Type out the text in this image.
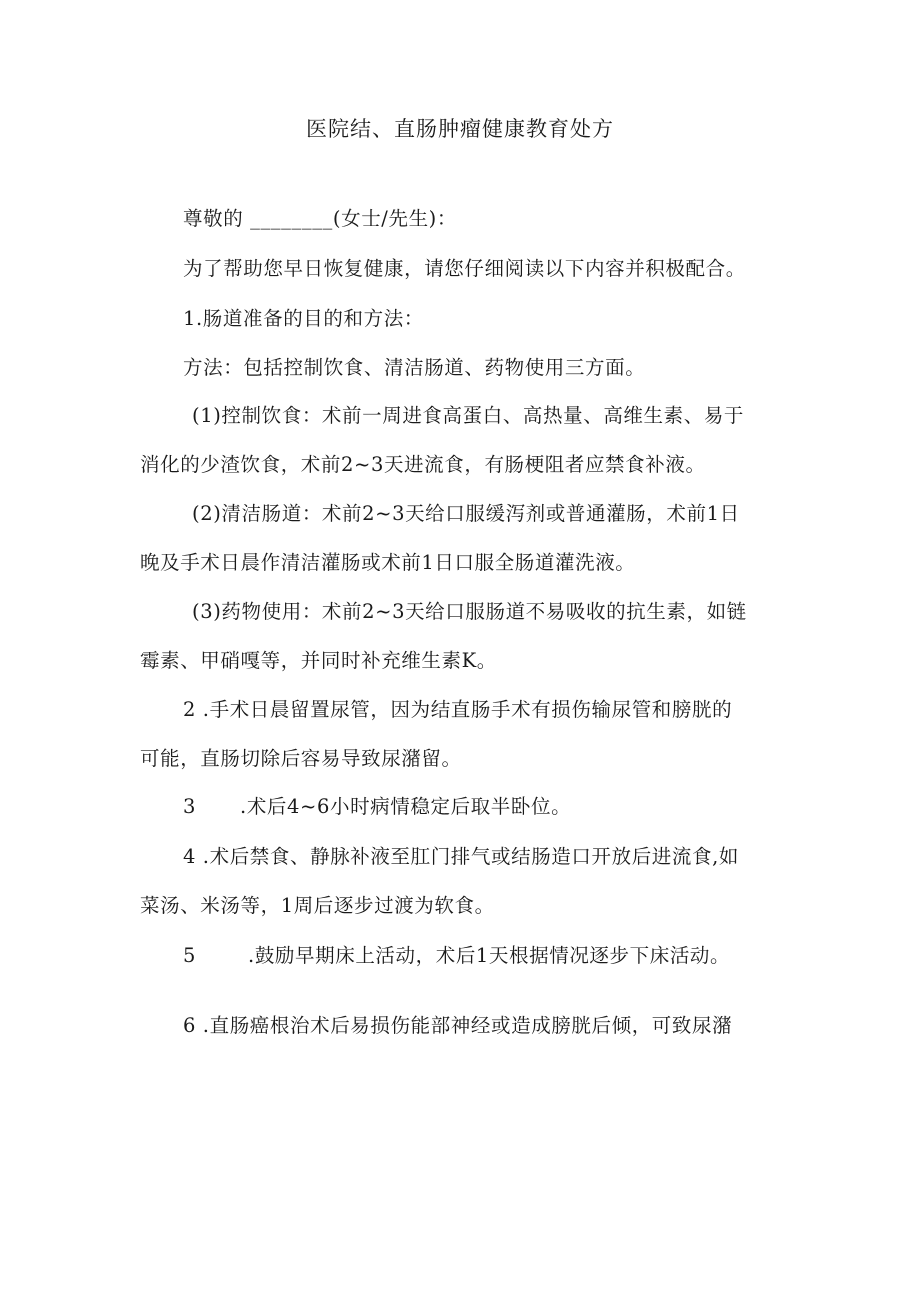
医院结、直肠肿瘤健康教育处方
尊敬的 ________(女士/先生)：
为了帮助您早日恢复健康，请您仔细阅读以下内容并积极配合。
1.肠道准备的目的和方法：
方法：包括控制饮食、清洁肠道、药物使用三方面。
(1)控制饮食：术前一周进食高蛋白、高热量、高维生素、易于
消化的少渣饮食，术前2~3天进流食，有肠梗阻者应禁食补液。
(2)清洁肠道：术前2~3天给口服缓泻剂或普通灌肠，术前1日
晚及手术日晨作清洁灌肠或术前1日口服全肠道灌洗液。
(3)药物使用：术前2~3天给口服肠道不易吸收的抗生素，如链
霉素、甲硝嘎等，并同时补充维生素K。
2 .手术日晨留置尿管，因为结直肠手术有损伤输尿管和膀胱的
可能，直肠切除后容易导致尿潴留。
3 .术后4~6小时病情稳定后取半卧位。
4 .术后禁食、静脉补液至肛门排气或结肠造口开放后进流食,如
菜汤、米汤等，1周后逐步过渡为软食。
5	.鼓励早期床上活动，术后1天根据情况逐步下床活动。
6 .直肠癌根治术后易损伤能部神经或造成膀胱后倾，可致尿潴
